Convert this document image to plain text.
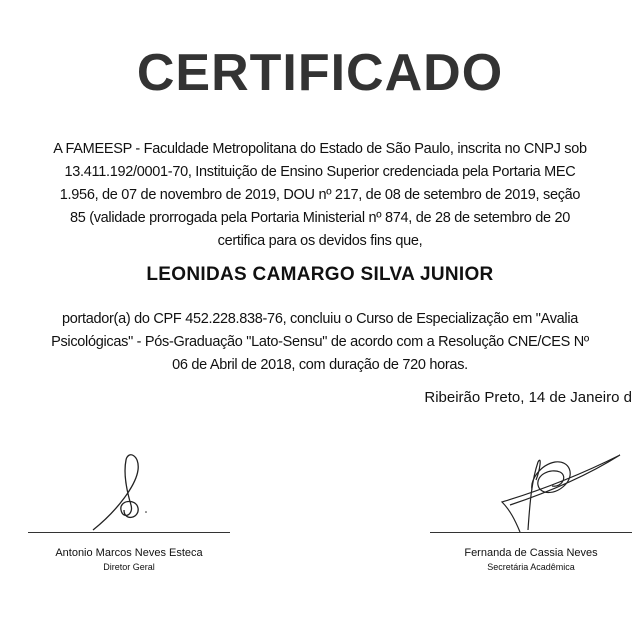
CERTIFICADO
A FAMEESP - Faculdade Metropolitana do Estado de São Paulo, inscrita no CNPJ sob
13.411.192/0001-70, Instituição de Ensino Superior credenciada pela Portaria MEC
1.956, de 07 de novembro de 2019, DOU nº 217, de 08 de setembro de 2019, seção
85 (validade prorrogada pela Portaria Ministerial nº 874, de 28 de setembro de 20
certifica para os devidos fins que,
LEONIDAS CAMARGO SILVA JUNIOR
portador(a) do CPF 452.228.838-76, concluiu o Curso de Especialização em "Avalia
Psicológicas" - Pós-Graduação "Lato-Sensu" de acordo com a Resolução CNE/CES Nº
06 de Abril de 2018, com duração de 720 horas.
Ribeirão Preto, 14 de Janeiro d
Antonio Marcos Neves Esteca
Diretor Geral
Fernanda de Cassia Neves
Secretária Acadêmica
